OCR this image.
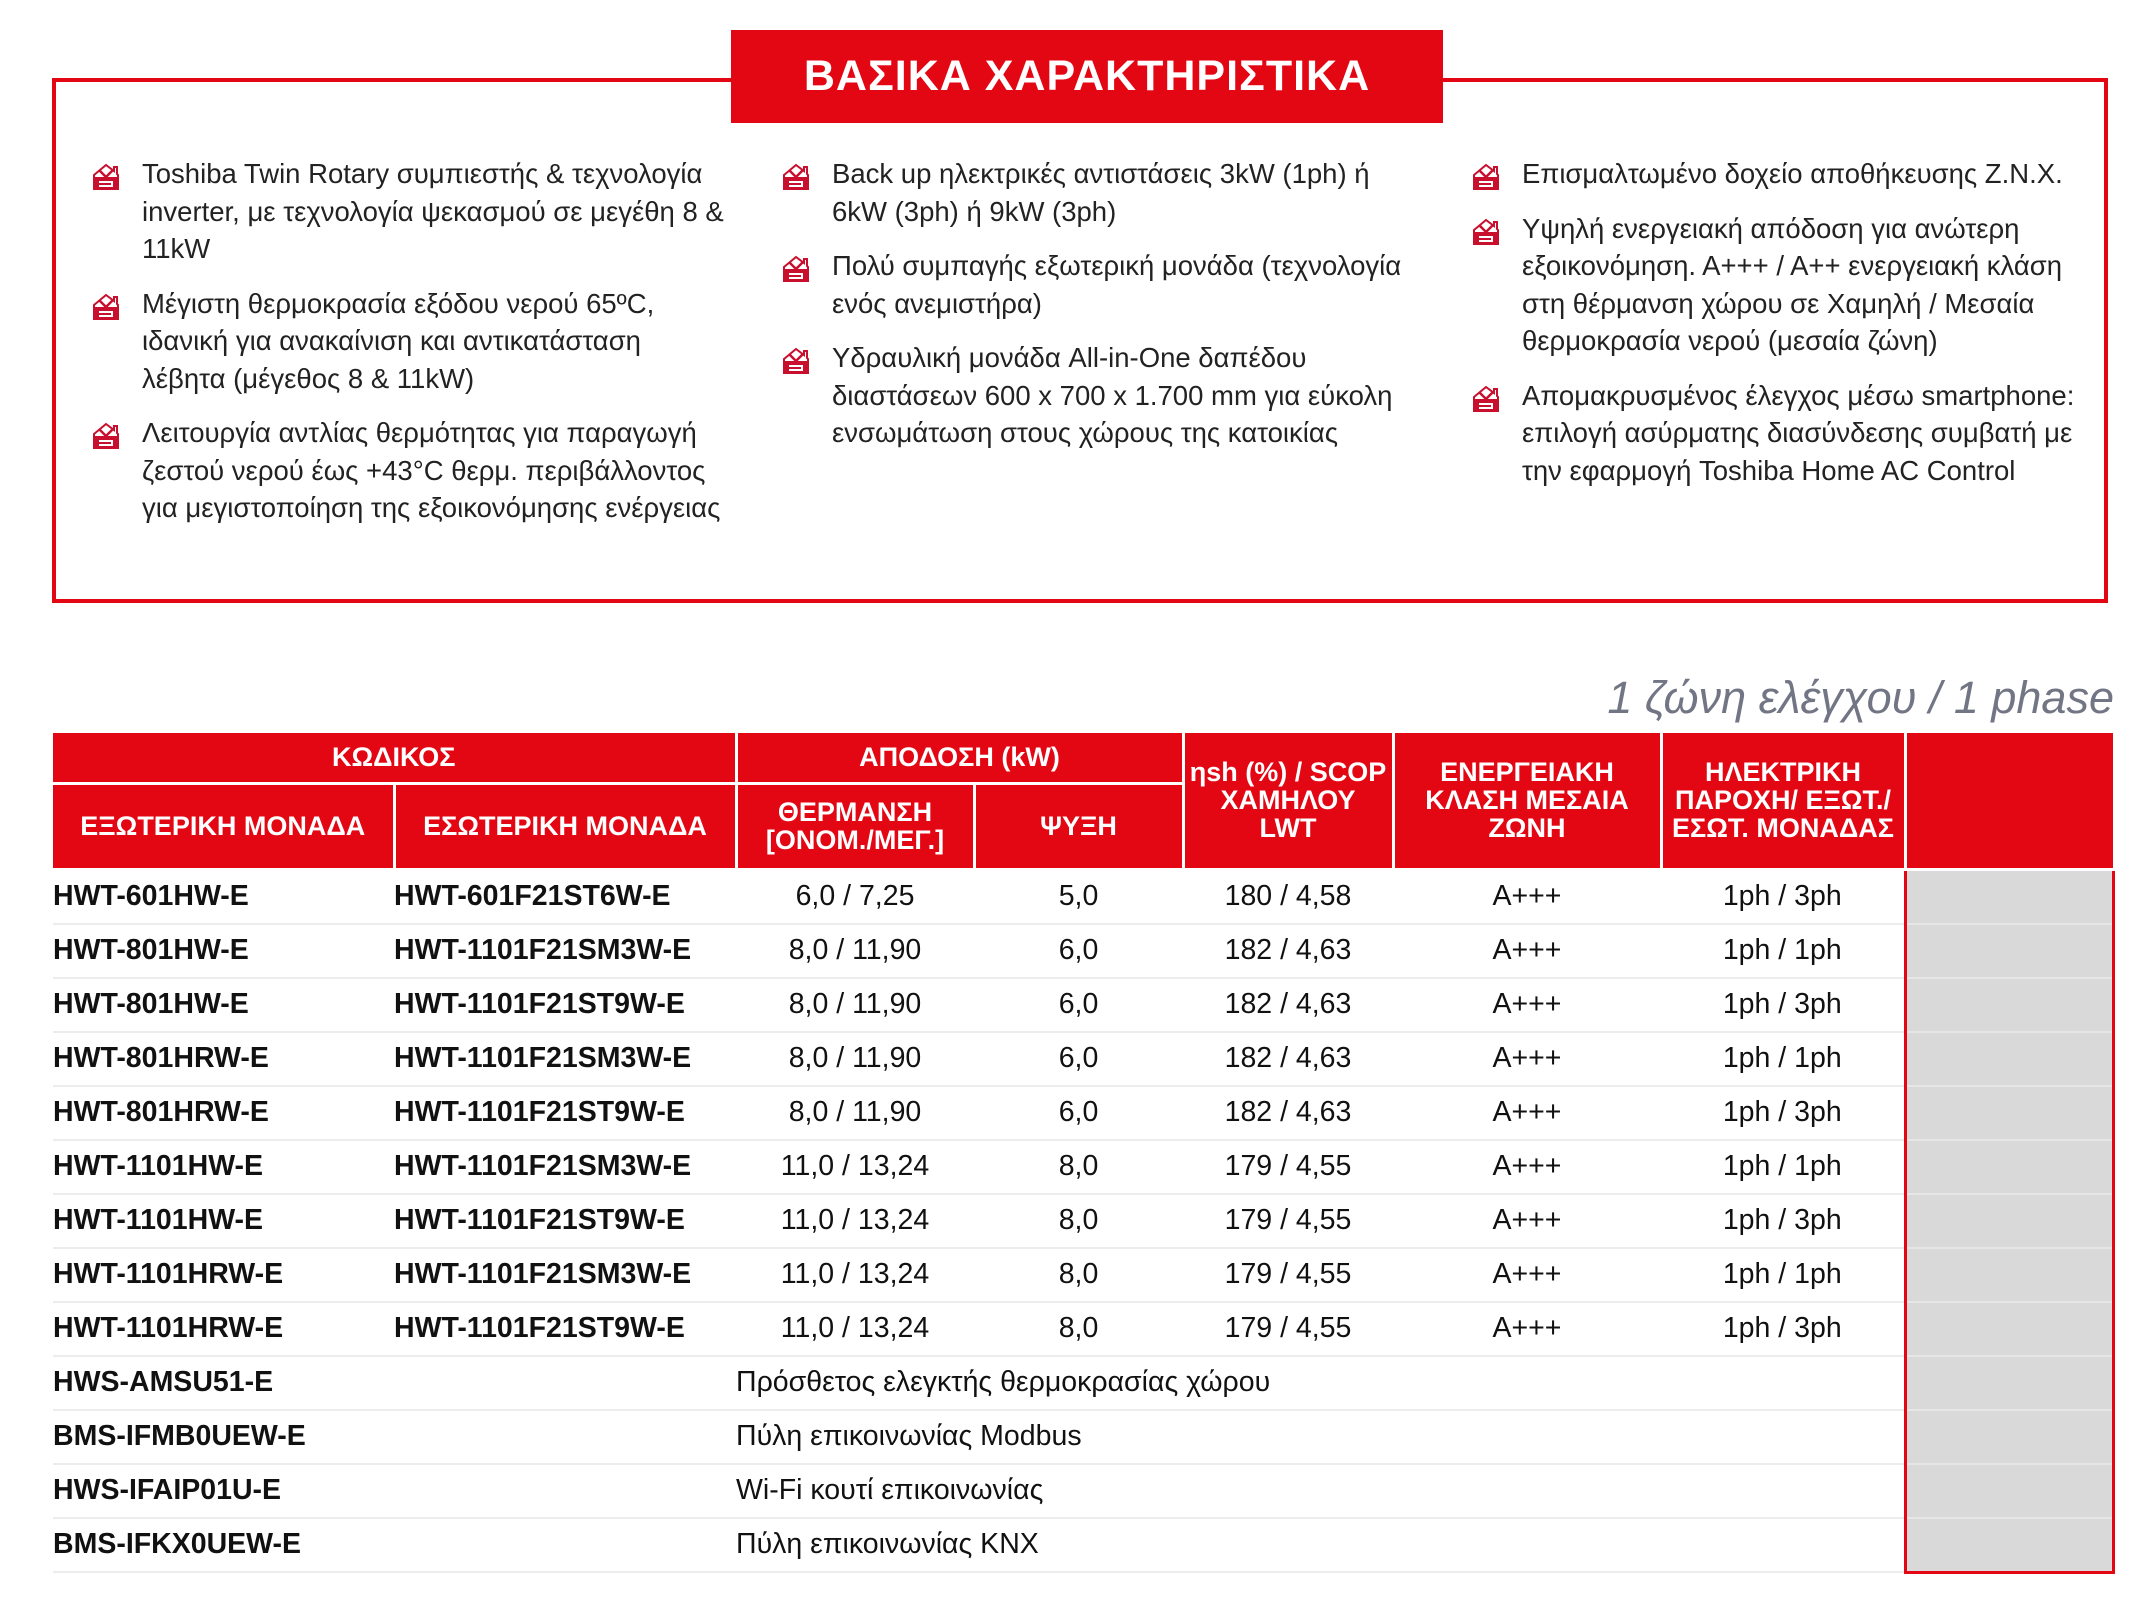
ΒΑΣΙΚΑ ΧΑΡΑΚΤΗΡΙΣΤΙΚΑ
Toshiba Twin Rotary συμπιεστής & τεχνολογία inverter, με τεχνολογία ψεκασμού σε μεγέθη 8 & 11kW
Μέγιστη θερμοκρασία εξόδου νερού 65ºC, ιδανική για ανακαίνιση και αντικατάσταση λέβητα (μέγεθος 8 & 11kW)
Λειτουργία αντλίας θερμότητας για παραγωγή ζεστού νερού έως +43°C θερμ. περιβάλλοντος για μεγιστοποίηση της εξοικονόμησης ενέργειας
Back up ηλεκτρικές αντιστάσεις 3kW (1ph) ή 6kW (3ph) ή 9kW (3ph)
Πολύ συμπαγής εξωτερική μονάδα (τεχνολογία ενός ανεμιστήρα)
Υδραυλική μονάδα All-in-One δαπέδου διαστάσεων 600 x 700 x 1.700 mm για εύκολη ενσωμάτωση στους χώρους της κατοικίας
Επισμαλτωμένο δοχείο αποθήκευσης Ζ.Ν.Χ.
Υψηλή ενεργειακή απόδοση για ανώτερη εξοικονόμηση. Α+++ / Α++ ενεργειακή κλάση στη θέρμανση χώρου σε Χαμηλή / Μεσαία θερμοκρασία νερού (μεσαία ζώνη)
Απομακρυσμένος έλεγχος μέσω smartphone: επιλογή ασύρματης διασύνδεσης συμβατή με την εφαρμογή Toshiba Home AC Control
1 ζώνη ελέγχου / 1 phase
ΚΩΔΙΚΟΣ		ΑΠΟΔΟΣΗ (kW)		ηsh (%) / SCOP ΧΑΜΗΛΟΥ LWT	ΕΝΕΡΓΕΙΑΚΗ ΚΛΑΣΗ ΜΕΣΑΙΑ ΖΩΝΗ	ΗΛΕΚΤΡΙΚΗ ΠΑΡΟΧΗ/ ΕΞΩΤ./ΕΣΩΤ. ΜΟΝΑΔΑΣ	
ΕΞΩΤΕΡΙΚΗ ΜΟΝΑΔΑ	ΕΣΩΤΕΡΙΚΗ ΜΟΝΑΔΑ	ΘΕΡΜΑΝΣΗ [ΟΝΟΜ./ΜΕΓ.]	ΨΥΞΗ				
HWT-601HW-E	HWT-601F21ST6W-E	6,0 / 7,25	5,0	180 / 4,58	A+++	1ph / 3ph	
HWT-801HW-E	HWT-1101F21SM3W-E	8,0 / 11,90	6,0	182 / 4,63	A+++	1ph / 1ph	
HWT-801HW-E	HWT-1101F21ST9W-E	8,0 / 11,90	6,0	182 / 4,63	A+++	1ph / 3ph	
HWT-801HRW-E	HWT-1101F21SM3W-E	8,0 / 11,90	6,0	182 / 4,63	A+++	1ph / 1ph	
HWT-801HRW-E	HWT-1101F21ST9W-E	8,0 / 11,90	6,0	182 / 4,63	A+++	1ph / 3ph	
HWT-1101HW-E	HWT-1101F21SM3W-E	11,0 / 13,24	8,0	179 / 4,55	A+++	1ph / 1ph	
HWT-1101HW-E	HWT-1101F21ST9W-E	11,0 / 13,24	8,0	179 / 4,55	A+++	1ph / 3ph	
HWT-1101HRW-E	HWT-1101F21SM3W-E	11,0 / 13,24	8,0	179 / 4,55	A+++	1ph / 1ph	
HWT-1101HRW-E	HWT-1101F21ST9W-E	11,0 / 13,24	8,0	179 / 4,55	A+++	1ph / 3ph	
HWS-AMSU51-E		Πρόσθετος ελεγκτής θερμοκρασίας χώρου					
BMS-IFMB0UEW-E		Πύλη επικοινωνίας Modbus					
HWS-IFAIP01U-E		Wi-Fi κουτί επικοινωνίας					
BMS-IFKX0UEW-E		Πύλη επικοινωνίας KNX					
